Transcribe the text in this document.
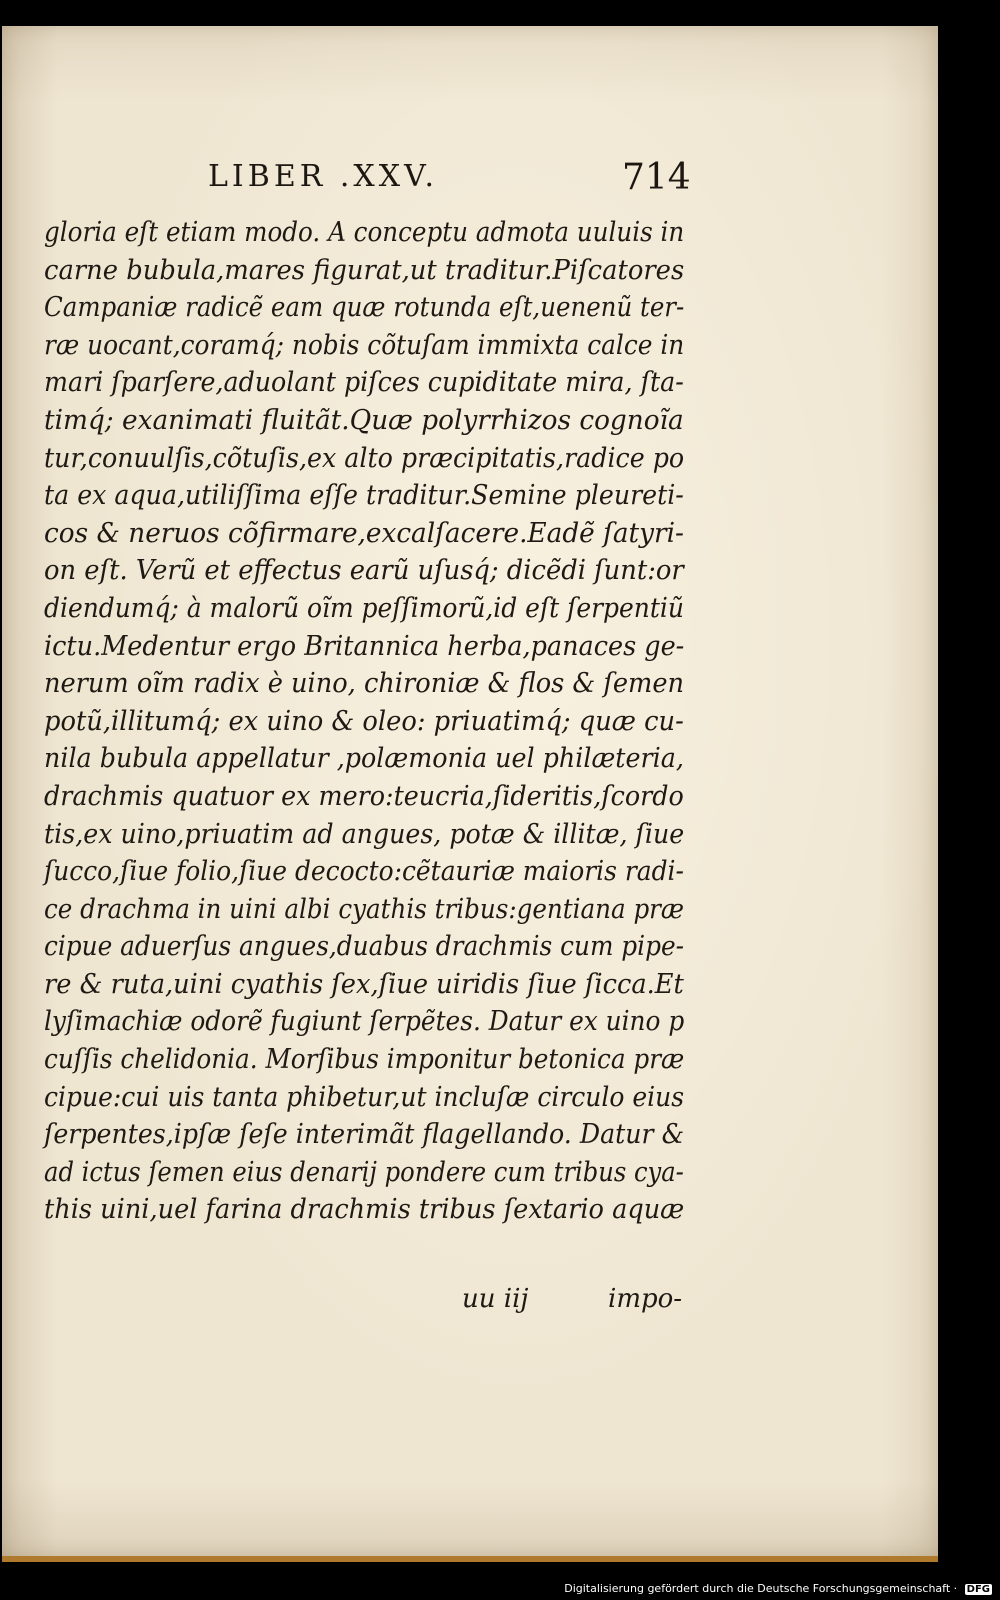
LIBER .XXV.	714
gloria eſt etiam modo. A conceptu admota uuluis in
carne bubula,mares figurat,ut traditur.Piſcatores
Campaniæ radicẽ eam quæ rotunda eſt,uenenũ ter-
ræ uocant,coramq́; nobis cõtuſam immixta calce in
mari ſparſere,aduolant piſces cupiditate mira, ſta-
timq́; exanimati fluitãt.Quæ polyrrhizos cognoĩa
tur,conuulſis,cõtuſis,ex alto præcipitatis,radice po
ta ex aqua,utiliſſima eſſe traditur.Semine pleureti-
cos & neruos cõfirmare,excalſacere.Eadẽ ſatyri-
on eſt. Verũ et effectus earũ uſusq́; dicẽdi ſunt:or
diendumq́; à malorũ oĩm peſſimorũ,id eſt ſerpentiũ
ictu.Medentur ergo Britannica herba,panaces ge-
nerum oĩm radix è uino, chironiæ & flos & ſemen
potũ,illitumq́; ex uino & oleo: priuatimq́; quæ cu-
nila bubula appellatur ,polæmonia uel philæteria,
drachmis quatuor ex mero:teucria,ſideritis,ſcordo
tis,ex uino,priuatim ad angues, potæ & illitæ, ſiue
ſucco,ſiue folio,ſiue decocto:cẽtauriæ maioris radi-
ce drachma in uini albi cyathis tribus:gentiana præ
cipue aduerſus angues,duabus drachmis cum pipe-
re & ruta,uini cyathis ſex,ſiue uiridis ſiue ſicca.Et
lyſimachiæ odorẽ fugiunt ſerpẽtes. Datur ex uino p
cuſſis chelidonia. Morſibus imponitur betonica præ
cipue:cui uis tanta phibetur,ut incluſæ circulo eius
ſerpentes,ipſæ ſeſe interimãt flagellando. Datur &
ad ictus ſemen eius denarij pondere cum tribus cya-
this uini,uel farina drachmis tribus ſextario aquæ
uu iij	impo-
Digitalisierung gefördert durch die Deutsche Forschungsgemeinschaft · DFG
